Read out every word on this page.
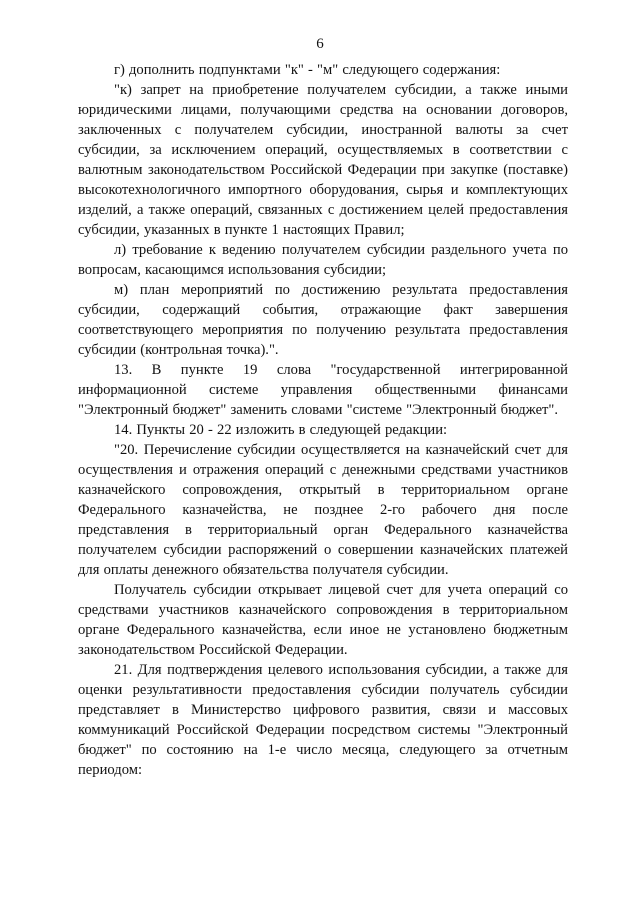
6

г) дополнить подпунктами "к" - "м" следующего содержания:

"к) запрет на приобретение получателем субсидии, а также иными юридическими лицами, получающими средства на основании договоров, заключенных с получателем субсидии, иностранной валюты за счет субсидии, за исключением операций, осуществляемых в соответствии с валютным законодательством Российской Федерации при закупке (поставке) высокотехнологичного импортного оборудования, сырья и комплектующих изделий, а также операций, связанных с достижением целей предоставления субсидии, указанных в пункте 1 настоящих Правил;

л) требование к ведению получателем субсидии раздельного учета по вопросам, касающимся использования субсидии;

м) план мероприятий по достижению результата предоставления субсидии, содержащий события, отражающие факт завершения соответствующего мероприятия по получению результата предоставления субсидии (контрольная точка).".

13. В пункте 19 слова "государственной интегрированной информационной системе управления общественными финансами "Электронный бюджет" заменить словами "системе "Электронный бюджет".

14. Пункты 20 - 22 изложить в следующей редакции:

"20. Перечисление субсидии осуществляется на казначейский счет для осуществления и отражения операций с денежными средствами участников казначейского сопровождения, открытый в территориальном органе Федерального казначейства, не позднее 2-го рабочего дня после представления в территориальный орган Федерального казначейства получателем субсидии распоряжений о совершении казначейских платежей для оплаты денежного обязательства получателя субсидии.

Получатель субсидии открывает лицевой счет для учета операций со средствами участников казначейского сопровождения в территориальном органе Федерального казначейства, если иное не установлено бюджетным законодательством Российской Федерации.

21. Для подтверждения целевого использования субсидии, а также для оценки результативности предоставления субсидии получатель субсидии представляет в Министерство цифрового развития, связи и массовых коммуникаций Российской Федерации посредством системы "Электронный бюджет" по состоянию на 1-е число месяца, следующего за отчетным периодом:
